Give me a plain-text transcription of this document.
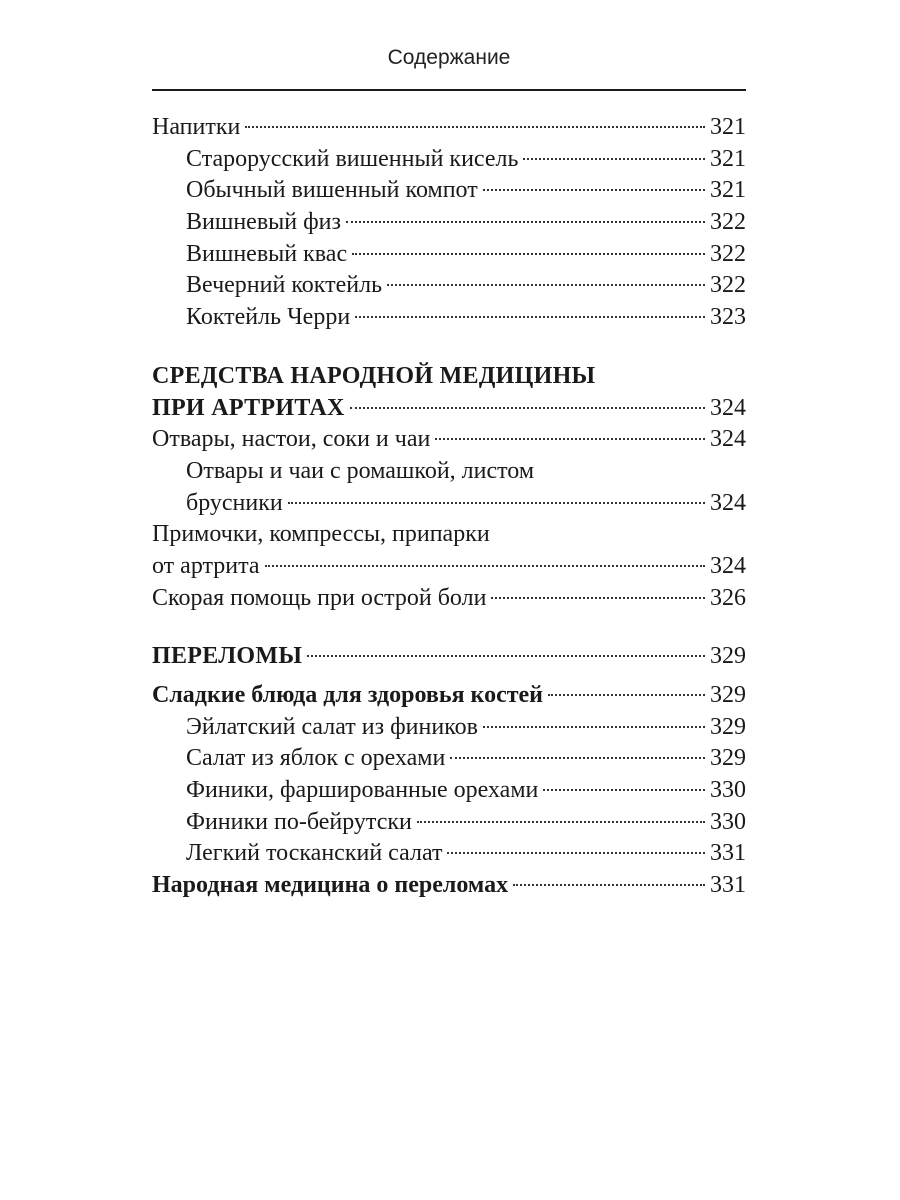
Содержание
Напитки	321
Старорусский вишенный кисель	321
Обычный вишенный компот	321
Вишневый физ	322
Вишневый квас	322
Вечерний коктейль	322
Коктейль Черри	323
СРЕДСТВА НАРОДНОЙ МЕДИЦИНЫ
ПРИ АРТРИТАХ	324
Отвары, настои, соки и чаи	324
Отвары и чаи с ромашкой, листом
брусники	324
Примочки, компрессы, припарки
от артрита	324
Скорая помощь при острой боли	326
ПЕРЕЛОМЫ	329
Сладкие блюда для здоровья костей	329
Эйлатский салат из фиников	329
Салат из яблок с орехами	329
Финики, фаршированные орехами	330
Финики по-бейрутски	330
Легкий тосканский салат	331
Народная медицина о переломах	331
